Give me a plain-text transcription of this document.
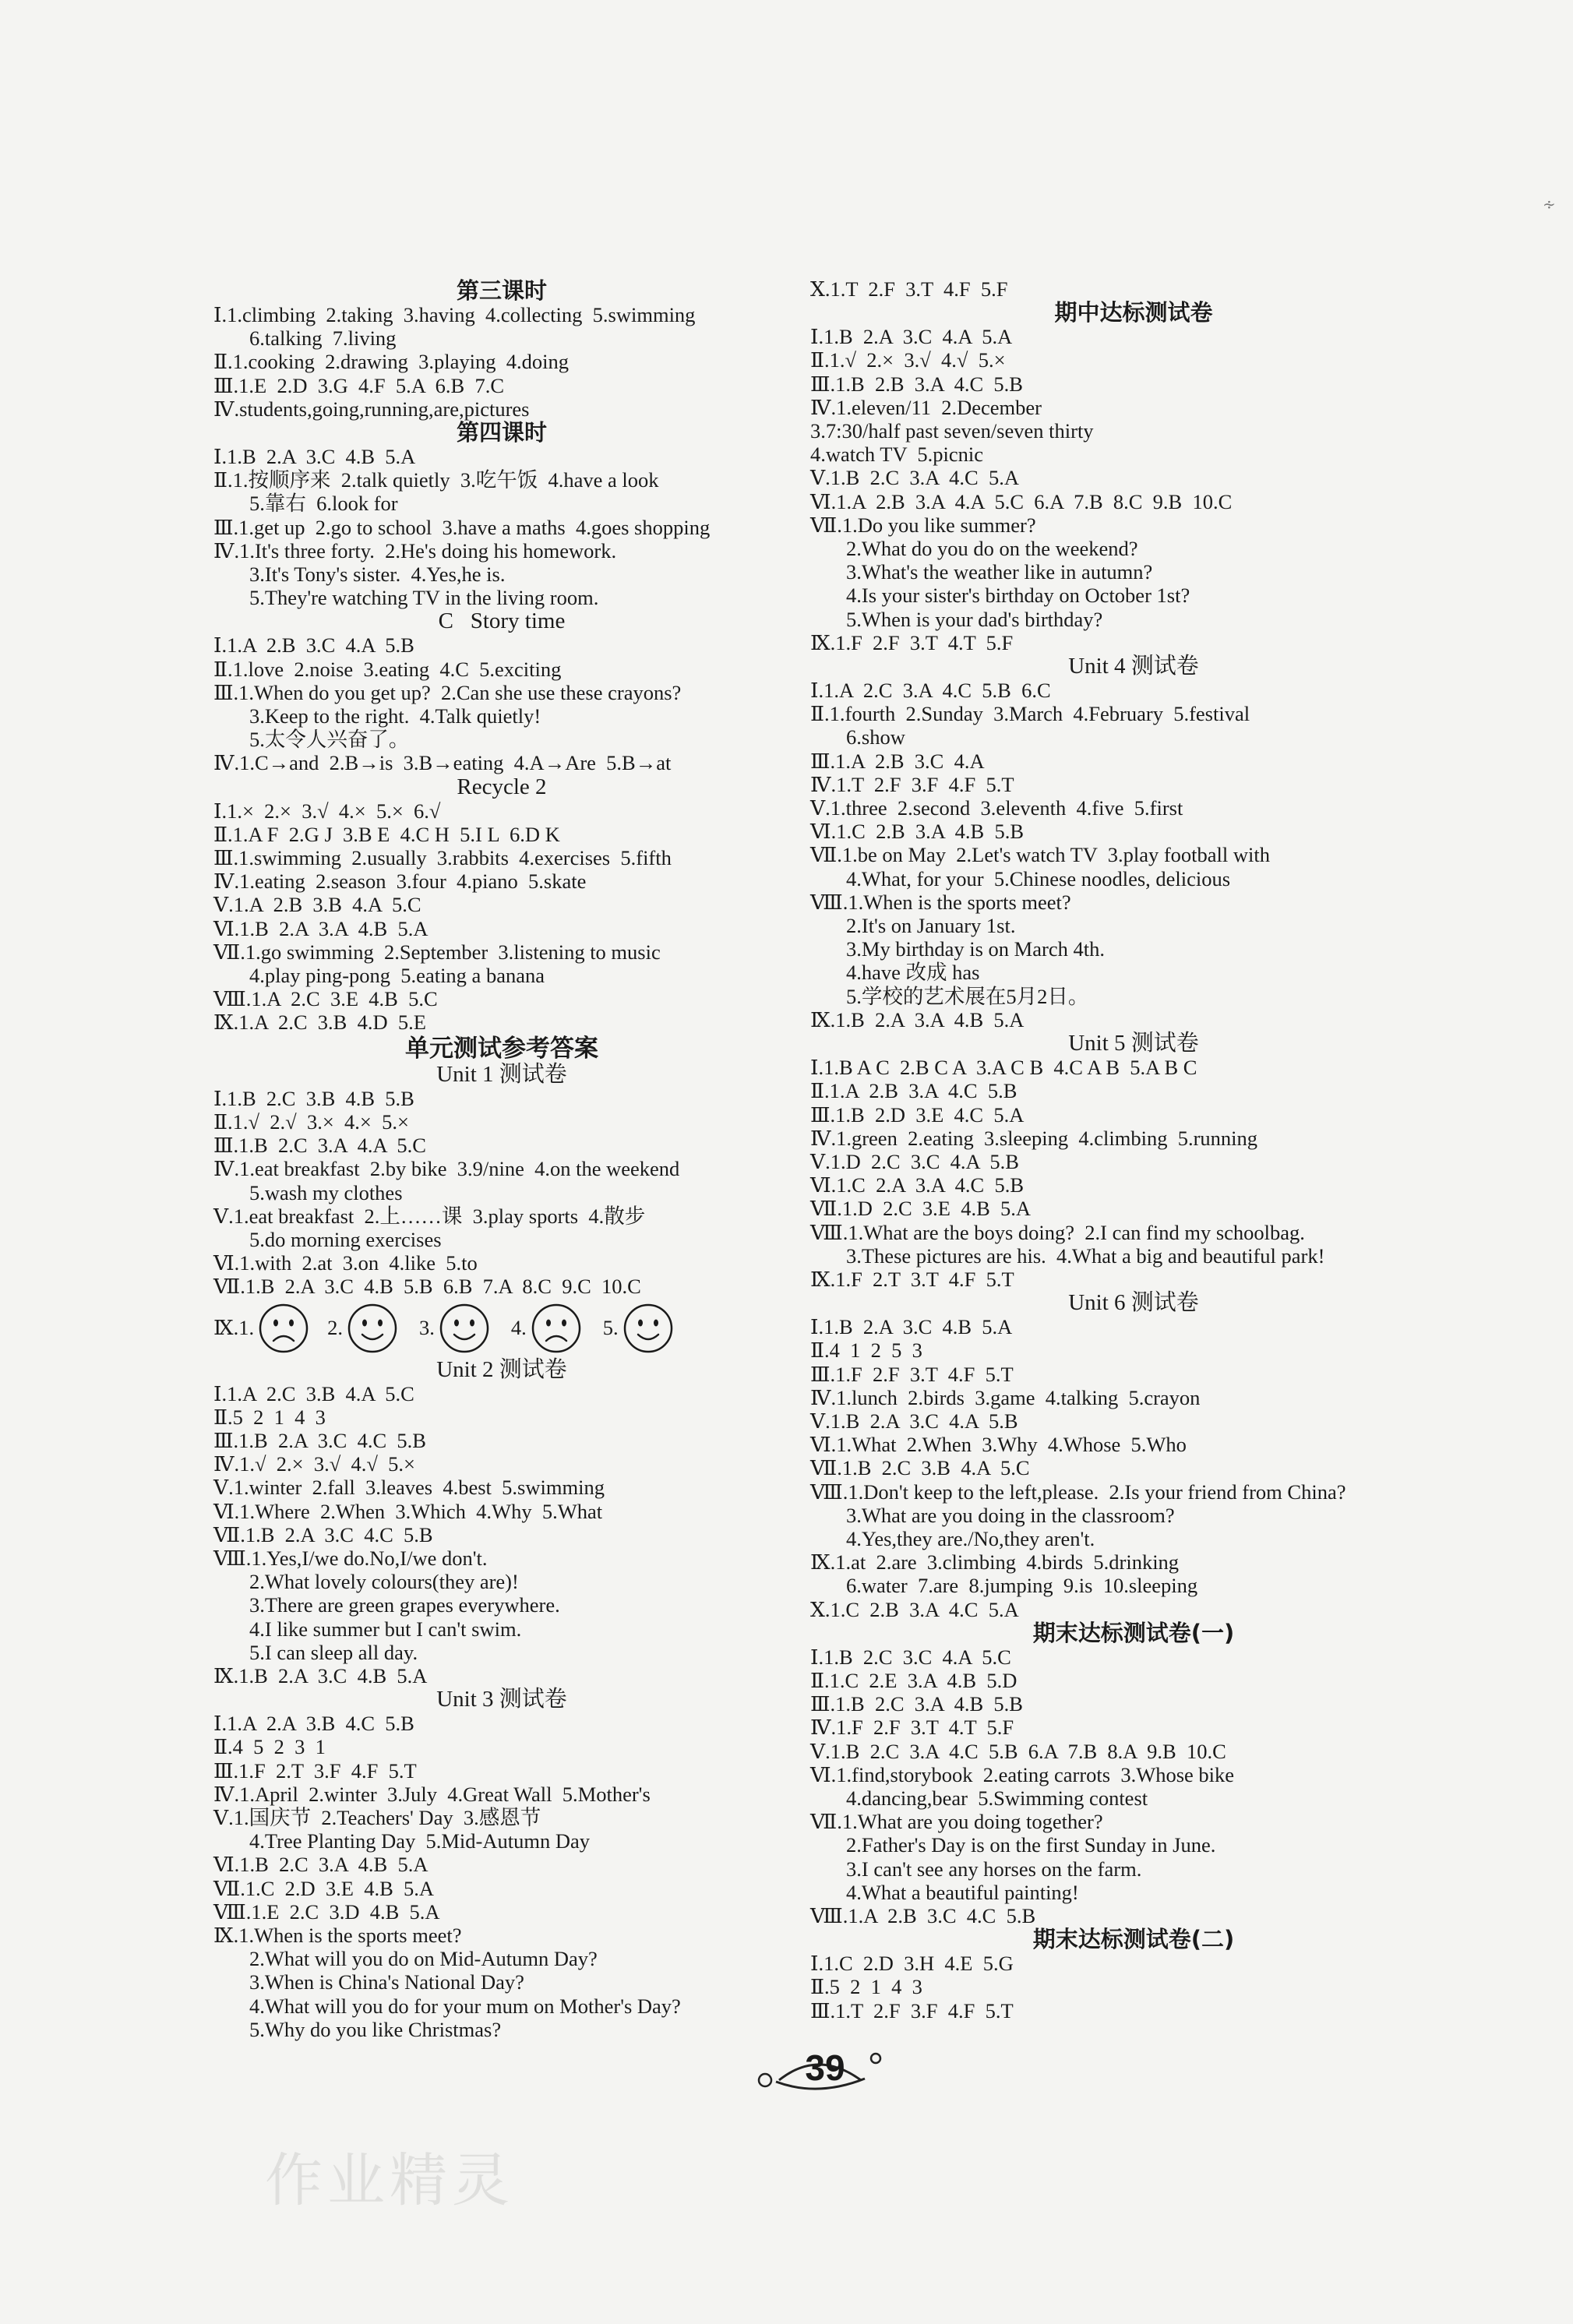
第三课时
Ⅰ.1.climbing  2.taking  3.having  4.collecting  5.swimming
6.talking  7.living
Ⅱ.1.cooking  2.drawing  3.playing  4.doing
Ⅲ.1.E  2.D  3.G  4.F  5.A  6.B  7.C
Ⅳ.students,going,running,are,pictures
第四课时
Ⅰ.1.B  2.A  3.C  4.B  5.A
Ⅱ.1.按顺序来  2.talk quietly  3.吃午饭  4.have a look
5.靠右  6.look for
Ⅲ.1.get up  2.go to school  3.have a maths  4.goes shopping
Ⅳ.1.It's three forty.  2.He's doing his homework.
3.It's Tony's sister.  4.Yes,he is.
5.They're watching TV in the living room.
C   Story time
Ⅰ.1.A  2.B  3.C  4.A  5.B
Ⅱ.1.love  2.noise  3.eating  4.C  5.exciting
Ⅲ.1.When do you get up?  2.Can she use these crayons?
3.Keep to the right.  4.Talk quietly!
5.太令人兴奋了。
Ⅳ.1.C→and  2.B→is  3.B→eating  4.A→Are  5.B→at
Recycle 2
Ⅰ.1.×  2.×  3.√  4.×  5.×  6.√
Ⅱ.1.A F  2.G J  3.B E  4.C H  5.I L  6.D K
Ⅲ.1.swimming  2.usually  3.rabbits  4.exercises  5.fifth
Ⅳ.1.eating  2.season  3.four  4.piano  5.skate
Ⅴ.1.A  2.B  3.B  4.A  5.C
Ⅵ.1.B  2.A  3.A  4.B  5.A
Ⅶ.1.go swimming  2.September  3.listening to music
4.play ping-pong  5.eating a banana
Ⅷ.1.A  2.C  3.E  4.B  5.C
Ⅸ.1.A  2.C  3.B  4.D  5.E
单元测试参考答案
Unit 1 测试卷
Ⅰ.1.B  2.C  3.B  4.B  5.B
Ⅱ.1.√  2.√  3.×  4.×  5.×
Ⅲ.1.B  2.C  3.A  4.A  5.C
Ⅳ.1.eat breakfast  2.by bike  3.9/nine  4.on the weekend
5.wash my clothes
Ⅴ.1.eat breakfast  2.上……课  3.play sports  4.散步
5.do morning exercises
Ⅵ.1.with  2.at  3.on  4.like  5.to
Ⅶ.1.B  2.A  3.C  4.B  5.B  6.B  7.A  8.C  9.C  10.C
Ⅸ.1.	2.	3.	4.	5.
Unit 2 测试卷
Ⅰ.1.A  2.C  3.B  4.A  5.C
Ⅱ.5  2  1  4  3
Ⅲ.1.B  2.A  3.C  4.C  5.B
Ⅳ.1.√  2.×  3.√  4.√  5.×
Ⅴ.1.winter  2.fall  3.leaves  4.best  5.swimming
Ⅵ.1.Where  2.When  3.Which  4.Why  5.What
Ⅶ.1.B  2.A  3.C  4.C  5.B
Ⅷ.1.Yes,I/we do.No,I/we don't.
2.What lovely colours(they are)!
3.There are green grapes everywhere.
4.I like summer but I can't swim.
5.I can sleep all day.
Ⅸ.1.B  2.A  3.C  4.B  5.A
Unit 3 测试卷
Ⅰ.1.A  2.A  3.B  4.C  5.B
Ⅱ.4  5  2  3  1
Ⅲ.1.F  2.T  3.F  4.F  5.T
Ⅳ.1.April  2.winter  3.July  4.Great Wall  5.Mother's
Ⅴ.1.国庆节  2.Teachers' Day  3.感恩节
4.Tree Planting Day  5.Mid-Autumn Day
Ⅵ.1.B  2.C  3.A  4.B  5.A
Ⅶ.1.C  2.D  3.E  4.B  5.A
Ⅷ.1.E  2.C  3.D  4.B  5.A
Ⅸ.1.When is the sports meet?
2.What will you do on Mid-Autumn Day?
3.When is China's National Day?
4.What will you do for your mum on Mother's Day?
5.Why do you like Christmas?
Ⅹ.1.T  2.F  3.T  4.F  5.F
期中达标测试卷
Ⅰ.1.B  2.A  3.C  4.A  5.A
Ⅱ.1.√  2.×  3.√  4.√  5.×
Ⅲ.1.B  2.B  3.A  4.C  5.B
Ⅳ.1.eleven/11  2.December
3.7:30/half past seven/seven thirty
4.watch TV  5.picnic
Ⅴ.1.B  2.C  3.A  4.C  5.A
Ⅵ.1.A  2.B  3.A  4.A  5.C  6.A  7.B  8.C  9.B  10.C
Ⅶ.1.Do you like summer?
2.What do you do on the weekend?
3.What's the weather like in autumn?
4.Is your sister's birthday on October 1st?
5.When is your dad's birthday?
Ⅸ.1.F  2.F  3.T  4.T  5.F
Unit 4 测试卷
Ⅰ.1.A  2.C  3.A  4.C  5.B  6.C
Ⅱ.1.fourth  2.Sunday  3.March  4.February  5.festival
6.show
Ⅲ.1.A  2.B  3.C  4.A
Ⅳ.1.T  2.F  3.F  4.F  5.T
Ⅴ.1.three  2.second  3.eleventh  4.five  5.first
Ⅵ.1.C  2.B  3.A  4.B  5.B
Ⅶ.1.be on May  2.Let's watch TV  3.play football with
4.What, for your  5.Chinese noodles, delicious
Ⅷ.1.When is the sports meet?
2.It's on January 1st.
3.My birthday is on March 4th.
4.have 改成 has
5.学校的艺术展在5月2日。
Ⅸ.1.B  2.A  3.A  4.B  5.A
Unit 5 测试卷
Ⅰ.1.B A C  2.B C A  3.A C B  4.C A B  5.A B C
Ⅱ.1.A  2.B  3.A  4.C  5.B
Ⅲ.1.B  2.D  3.E  4.C  5.A
Ⅳ.1.green  2.eating  3.sleeping  4.climbing  5.running
Ⅴ.1.D  2.C  3.C  4.A  5.B
Ⅵ.1.C  2.A  3.A  4.C  5.B
Ⅶ.1.D  2.C  3.E  4.B  5.A
Ⅷ.1.What are the boys doing?  2.I can find my schoolbag.
3.These pictures are his.  4.What a big and beautiful park!
Ⅸ.1.F  2.T  3.T  4.F  5.T
Unit 6 测试卷
Ⅰ.1.B  2.A  3.C  4.B  5.A
Ⅱ.4  1  2  5  3
Ⅲ.1.F  2.F  3.T  4.F  5.T
Ⅳ.1.lunch  2.birds  3.game  4.talking  5.crayon
Ⅴ.1.B  2.A  3.C  4.A  5.B
Ⅵ.1.What  2.When  3.Why  4.Whose  5.Who
Ⅶ.1.B  2.C  3.B  4.A  5.C
Ⅷ.1.Don't keep to the left,please.  2.Is your friend from China?
3.What are you doing in the classroom?
4.Yes,they are./No,they aren't.
Ⅸ.1.at  2.are  3.climbing  4.birds  5.drinking
6.water  7.are  8.jumping  9.is  10.sleeping
Ⅹ.1.C  2.B  3.A  4.C  5.A
期末达标测试卷(一)
Ⅰ.1.B  2.C  3.C  4.A  5.C
Ⅱ.1.C  2.E  3.A  4.B  5.D
Ⅲ.1.B  2.C  3.A  4.B  5.B
Ⅳ.1.F  2.F  3.T  4.T  5.F
Ⅴ.1.B  2.C  3.A  4.C  5.B  6.A  7.B  8.A  9.B  10.C
Ⅵ.1.find,storybook  2.eating carrots  3.Whose bike
4.dancing,bear  5.Swimming contest
Ⅶ.1.What are you doing together?
2.Father's Day is on the first Sunday in June.
3.I can't see any horses on the farm.
4.What a beautiful painting!
Ⅷ.1.A  2.B  3.C  4.C  5.B
期末达标测试卷(二)
Ⅰ.1.C  2.D  3.H  4.E  5.G
Ⅱ.5  2  1  4  3
Ⅲ.1.T  2.F  3.F  4.F  5.T
作业精灵
∻
39
